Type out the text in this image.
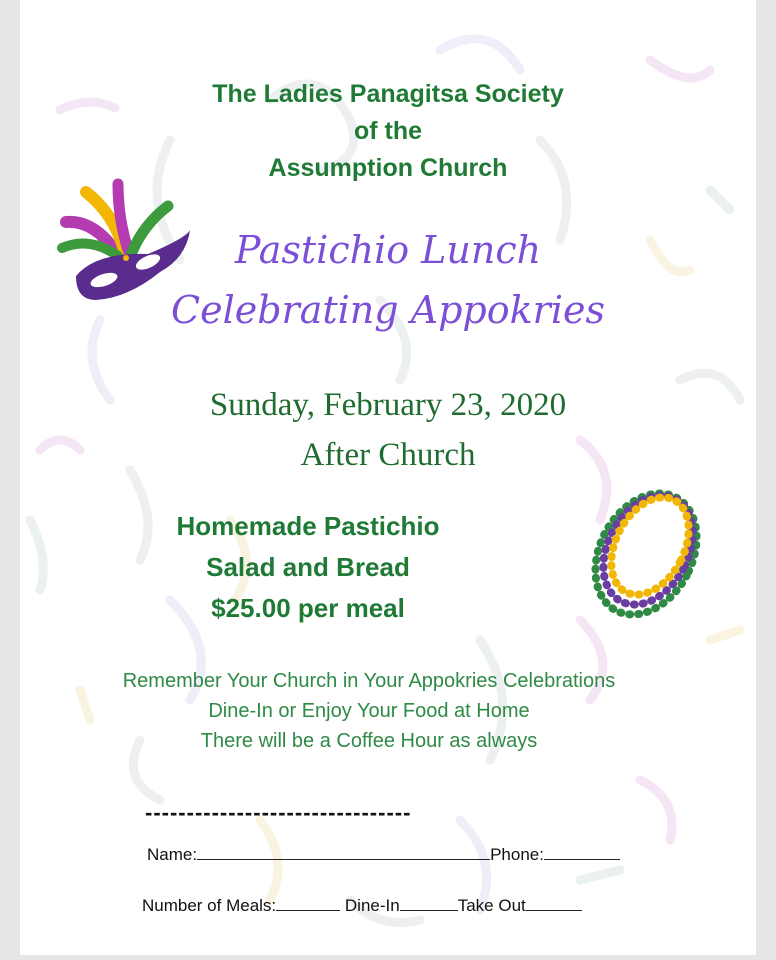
The Ladies Panagitsa Society
of the
Assumption Church
Pastichio Lunch
Celebrating Appokries
Sunday, February 23, 2020
After Church
Homemade Pastichio
Salad and Bread
$25.00 per meal
Remember Your Church in Your Appokries Celebrations
Dine-In or Enjoy Your Food at Home
There will be a Coffee Hour as always
--------------------------------
Name:	Phone:
Number of Meals:	Dine-In	Take Out
